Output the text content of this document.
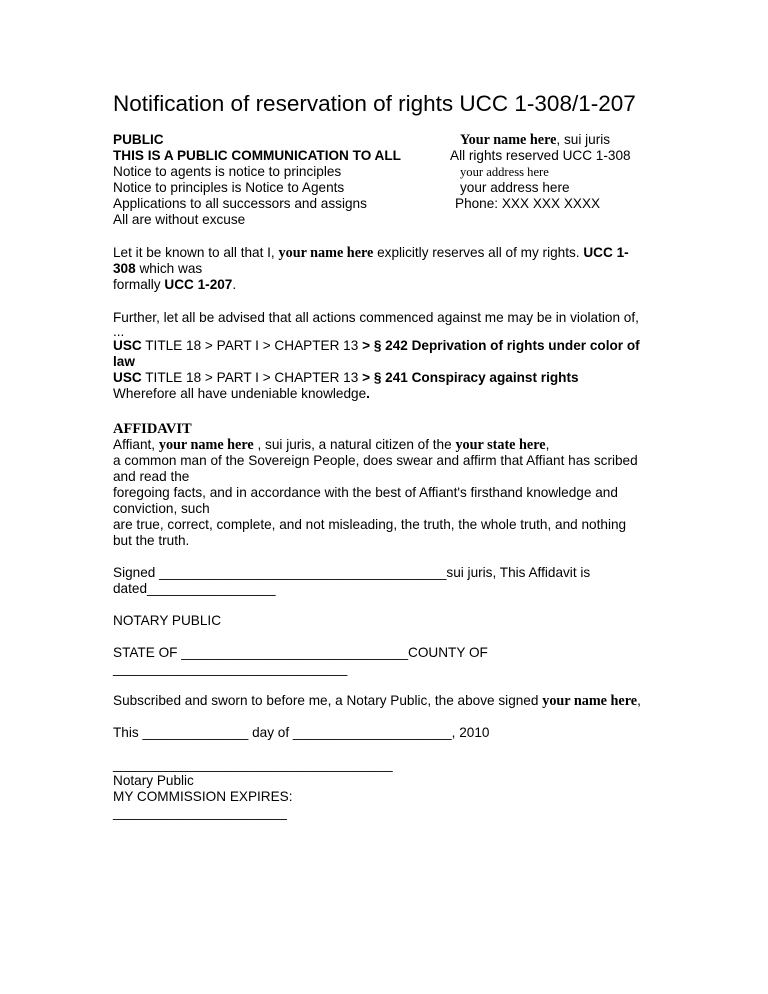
Notification of reservation of rights UCC 1-308/1-207
PUBLIC
THIS IS A PUBLIC COMMUNICATION TO ALL
Notice to agents is notice to principles
Notice to principles is Notice to Agents
Applications to all successors and assigns
All are without excuse
Your name here, sui juris
All rights reserved UCC 1-308
your address here
your address here
Phone: XXX XXX XXXX
Let it be known to all that I, your name here explicitly reserves all of my rights. UCC 1-
308 which was
formally UCC 1-207.
Further, let all be advised that all actions commenced against me may be in violation of,
...
USC TITLE 18 > PART I > CHAPTER 13 > § 242 Deprivation of rights under color of
law
USC TITLE 18 > PART I > CHAPTER 13 > § 241 Conspiracy against rights
Wherefore all have undeniable knowledge.
AFFIDAVIT
Affiant, your name here , sui juris, a natural citizen of the your state here,
a common man of the Sovereign People, does swear and affirm that Affiant has scribed
and read the
foregoing facts, and in accordance with the best of Affiant's firsthand knowledge and
conviction, such
are true, correct, complete, and not misleading, the truth, the whole truth, and nothing
but the truth.
Signed ______________________________________sui juris, This Affidavit is
dated_________________
NOTARY PUBLIC
STATE OF ______________________________COUNTY OF
_______________________________
Subscribed and sworn to before me, a Notary Public, the above signed your name here,
This ______________ day of _____________________, 2010
_____________________________________
Notary Public
MY COMMISSION EXPIRES:
_______________________
